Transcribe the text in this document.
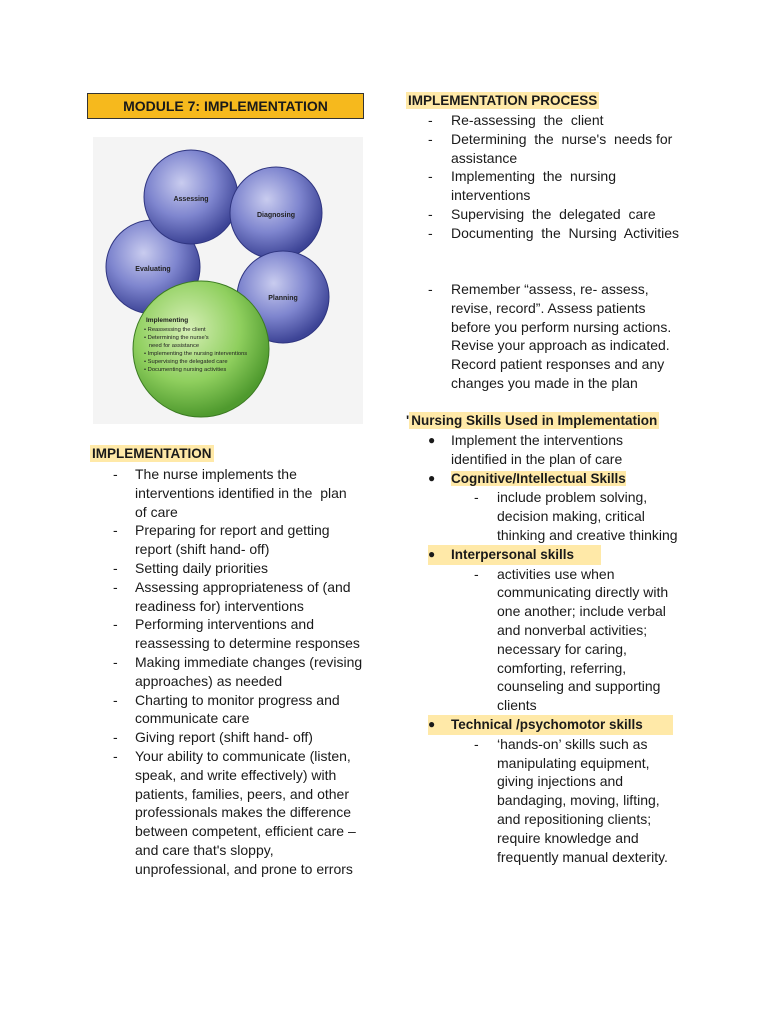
MODULE 7: IMPLEMENTATION
Assessing
Diagnosing
Evaluating
Planning
Implementing
• Reassessing the client
• Determining the nurse's
need for assistance
• Implementing the nursing interventions
• Supervising the delegated care
• Documenting nursing activities
IMPLEMENTATION
- The nurse implements the
interventions identified in the  plan
of care
- Preparing for report and getting
report (shift hand- off)
- Setting daily priorities
- Assessing appropriateness of (and
readiness for) interventions
- Performing interventions and
reassessing to determine responses
- Making immediate changes (revising
approaches) as needed
- Charting to monitor progress and
communicate care
- Giving report (shift hand- off)
- Your ability to communicate (listen,
speak, and write effectively) with
patients, families, peers, and other
professionals makes the difference
between competent, efficient care –
and care that's sloppy,
unprofessional, and prone to errors
IMPLEMENTATION PROCESS
- Re-assessing  the  client
- Determining  the  nurse's  needs for
assistance
- Implementing  the  nursing
interventions
- Supervising  the  delegated  care
- Documenting  the  Nursing  Activities
- Remember “assess, re- assess,
revise, record”. Assess patients
before you perform nursing actions.
Revise your approach as indicated.
Record patient responses and any
changes you made in the plan
' Nursing Skills Used in Implementation
● Implement the interventions
identified in the plan of care
● Cognitive/Intellectual Skills
- include problem solving,
decision making, critical
thinking and creative thinking
● Interpersonal skills
- activities use when
communicating directly with
one another; include verbal
and nonverbal activities;
necessary for caring,
comforting, referring,
counseling and supporting
clients
● Technical /psychomotor skills
- ‘hands-on’ skills such as
manipulating equipment,
giving injections and
bandaging, moving, lifting,
and repositioning clients;
require knowledge and
frequently manual dexterity.
